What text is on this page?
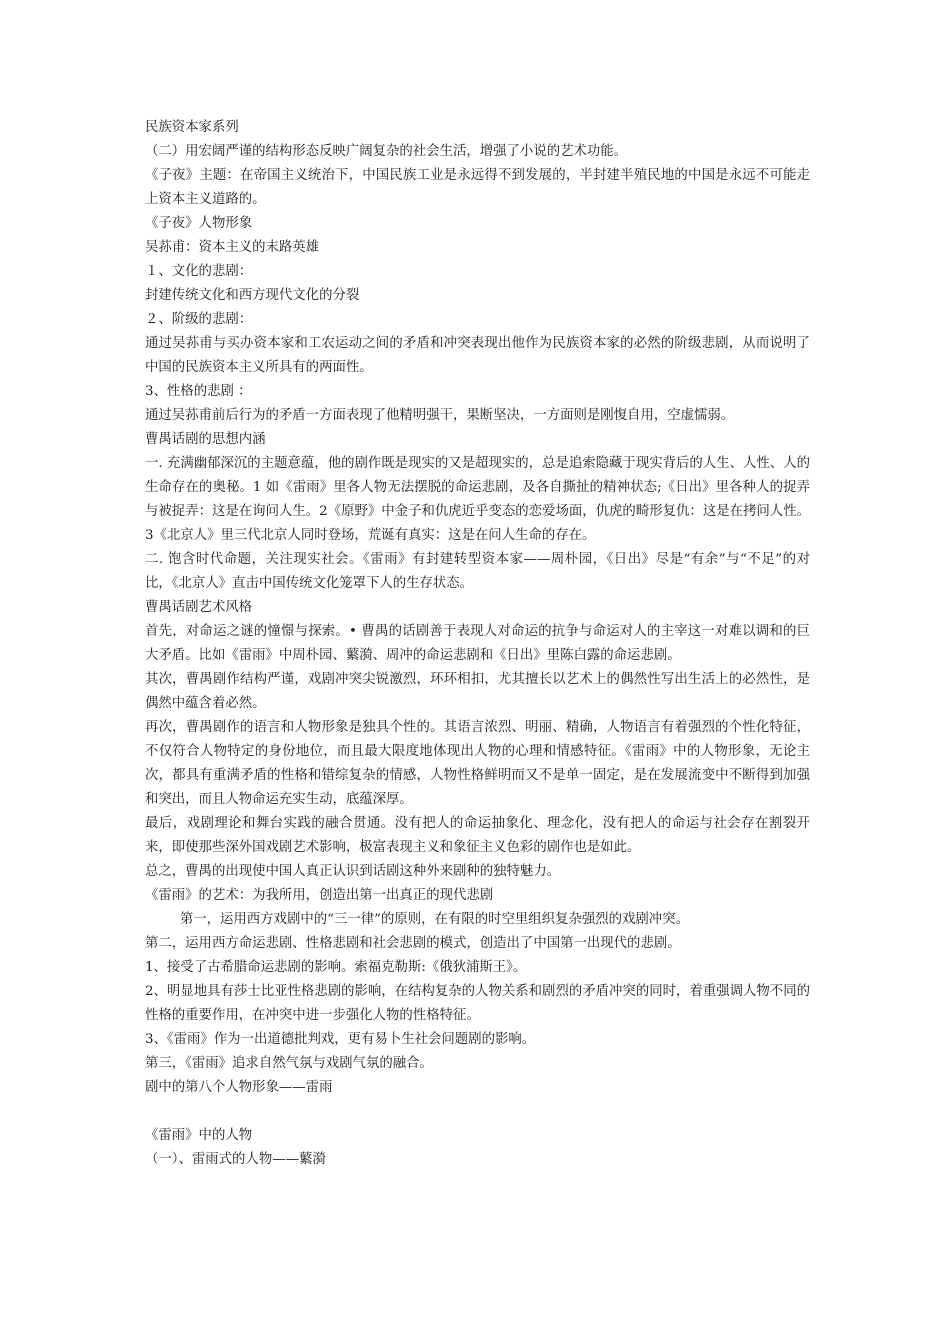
民族资本家系列

（二）用宏阔严谨的结构形态反映广阔复杂的社会生活，增强了小说的艺术功能。

《子夜》主题：在帝国主义统治下，中国民族工业是永远得不到发展的，半封建半殖民地的中国是永远不可能走上资本主义道路的。

《子夜》人物形象

吴荪甫：资本主义的末路英雄

１、文化的悲剧：

封建传统文化和西方现代文化的分裂

２、阶级的悲剧：

通过吴荪甫与买办资本家和工农运动之间的矛盾和冲突表现出他作为民族资本家的必然的阶级悲剧，从而说明了中国的民族资本主义所具有的两面性。

3、性格的悲剧 ：

通过吴荪甫前后行为的矛盾一方面表现了他精明强干，果断坚决，一方面则是刚愎自用，空虚懦弱。

曹禺话剧的思想内涵

一. 充满幽郁深沉的主题意蕴，他的剧作既是现实的又是超现实的，总是追索隐藏于现实背后的人生、人性、人的生命存在的奥秘。1 如《雷雨》里各人物无法摆脱的命运悲剧，及各自撕扯的精神状态;《日出》里各种人的捉弄与被捉弄：这是在询问人生。2《原野》中金子和仇虎近乎变态的恋爱场面，仇虎的畸形复仇：这是在拷问人性。3《北京人》里三代北京人同时登场，荒诞有真实：这是在问人生命的存在。

二. 饱含时代命题，关注现实社会。《雷雨》有封建转型资本家——周朴园，《日出》尽是“有余”与“不足”的对比，《北京人》直击中国传统文化笼罩下人的生存状态。

曹禺话剧艺术风格

首先，对命运之谜的憧憬与探索。• 曹禺的话剧善于表现人对命运的抗争与命运对人的主宰这一对难以调和的巨大矛盾。比如《雷雨》中周朴园、蘩漪、周冲的命运悲剧和《日出》里陈白露的命运悲剧。

其次，曹禺剧作结构严谨，戏剧冲突尖锐激烈，环环相扣，尤其擅长以艺术上的偶然性写出生活上的必然性，是偶然中蕴含着必然。

再次，曹禺剧作的语言和人物形象是独具个性的。其语言浓烈、明丽、精确，人物语言有着强烈的个性化特征，不仅符合人物特定的身份地位，而且最大限度地体现出人物的心理和情感特征。《雷雨》中的人物形象，无论主次，都具有重满矛盾的性格和错综复杂的情感，人物性格鲜明而又不是单一固定，是在发展流变中不断得到加强和突出，而且人物命运充实生动，底蕴深厚。

最后，戏剧理论和舞台实践的融合贯通。没有把人的命运抽象化、理念化，没有把人的命运与社会存在割裂开来，即使那些深外国戏剧艺术影响，极富表现主义和象征主义色彩的剧作也是如此。

总之，曹禺的出现使中国人真正认识到话剧这种外来剧种的独特魅力。

《雷雨》的艺术：为我所用，创造出第一出真正的现代悲剧

第一，运用西方戏剧中的“三一律”的原则，在有限的时空里组织复杂强烈的戏剧冲突。

第二，运用西方命运悲剧、性格悲剧和社会悲剧的模式，创造出了中国第一出现代的悲剧。

1、接受了古希腊命运悲剧的影响。索福克勒斯:《俄狄浦斯王》。

2、明显地具有莎士比亚性格悲剧的影响，在结构复杂的人物关系和剧烈的矛盾冲突的同时，着重强调人物不同的性格的重要作用，在冲突中进一步强化人物的性格特征。

3、《雷雨》作为一出道德批判戏，更有易卜生社会问题剧的影响。

第三，《雷雨》追求自然气氛与戏剧气氛的融合。

剧中的第八个人物形象——雷雨

《雷雨》中的人物

（一）、雷雨式的人物——蘩漪
